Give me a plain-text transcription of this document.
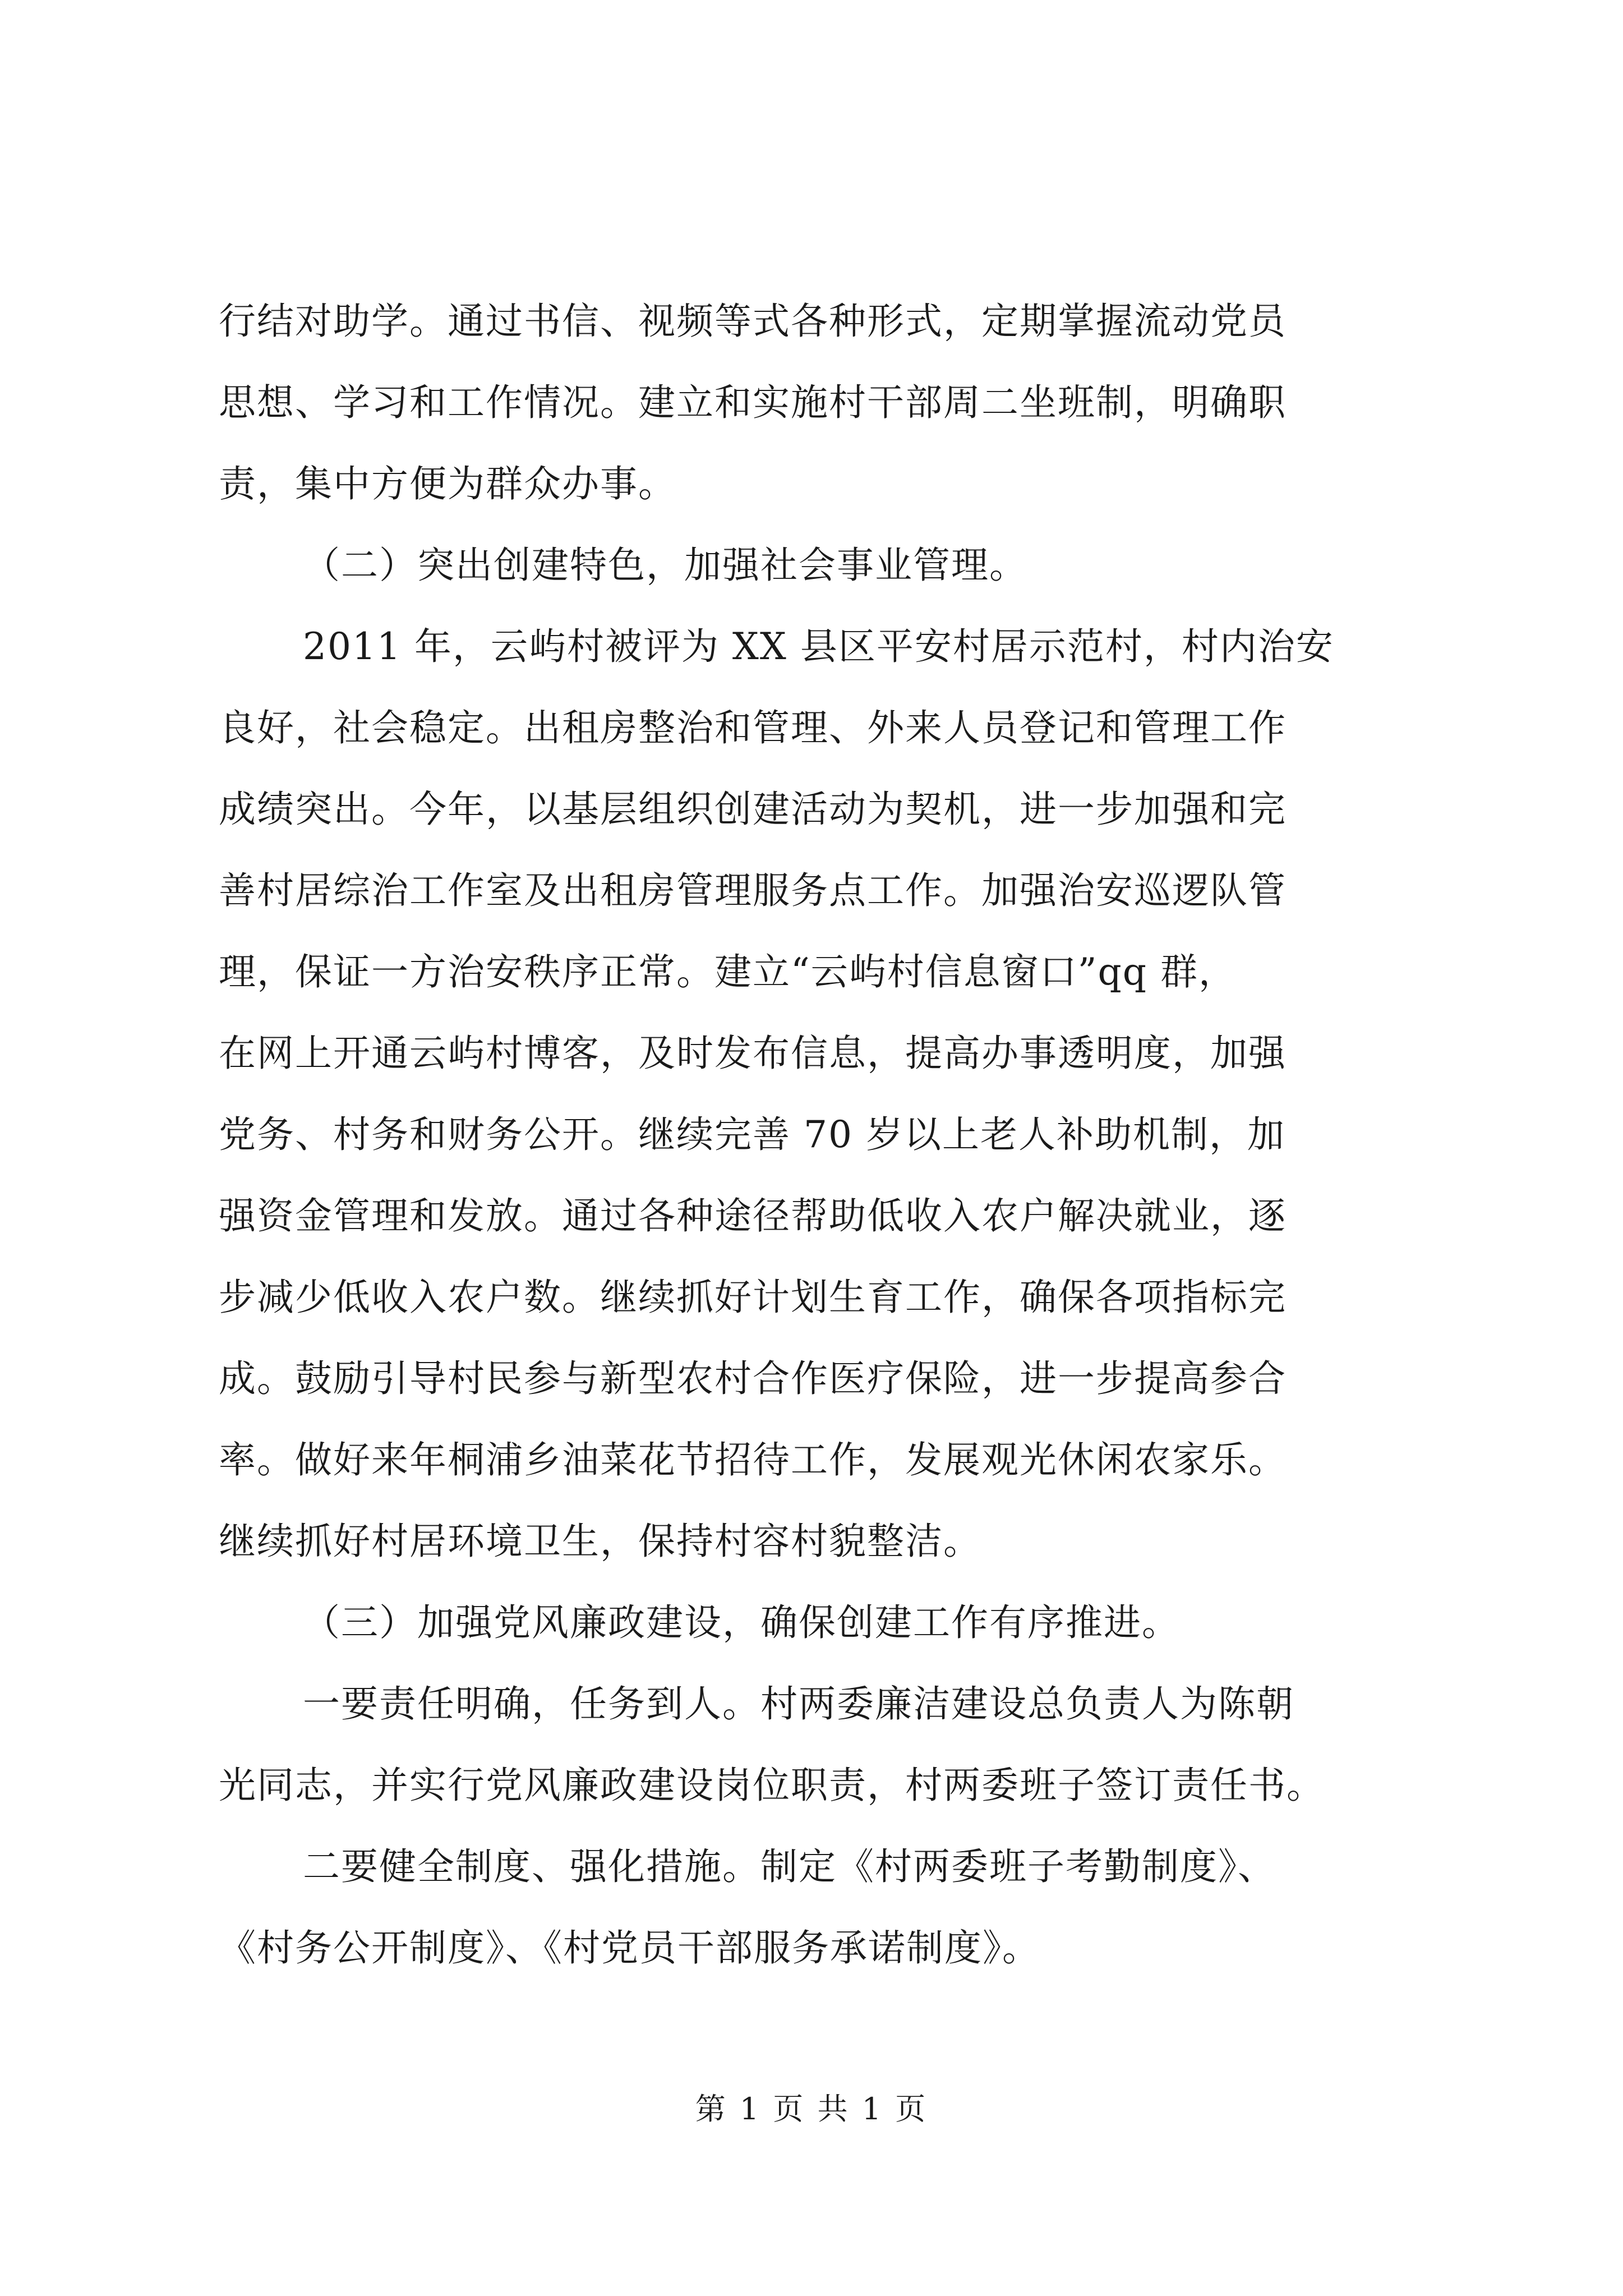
行结对助学。通过书信、视频等式各种形式，定期掌握流动党员
思想、学习和工作情况。建立和实施村干部周二坐班制，明确职
责，集中方便为群众办事。
（二）突出创建特色，加强社会事业管理。
2011 年，云屿村被评为 XX 县区平安村居示范村，村内治安
良好，社会稳定。出租房整治和管理、外来人员登记和管理工作
成绩突出。今年，以基层组织创建活动为契机，进一步加强和完
善村居综治工作室及出租房管理服务点工作。加强治安巡逻队管
理，保证一方治安秩序正常。建立“云屿村信息窗口”qq 群，
在网上开通云屿村博客，及时发布信息，提高办事透明度，加强
党务、村务和财务公开。继续完善 70 岁以上老人补助机制，加
强资金管理和发放。通过各种途径帮助低收入农户解决就业，逐
步减少低收入农户数。继续抓好计划生育工作，确保各项指标完
成。鼓励引导村民参与新型农村合作医疗保险，进一步提高参合
率。做好来年桐浦乡油菜花节招待工作，发展观光休闲农家乐。
继续抓好村居环境卫生，保持村容村貌整洁。
（三）加强党风廉政建设，确保创建工作有序推进。
一要责任明确，任务到人。村两委廉洁建设总负责人为陈朝
光同志，并实行党风廉政建设岗位职责，村两委班子签订责任书。
二要健全制度、强化措施。制定《村两委班子考勤制度》、
《村务公开制度》、《村党员干部服务承诺制度》。
第 1 页 共 1 页
